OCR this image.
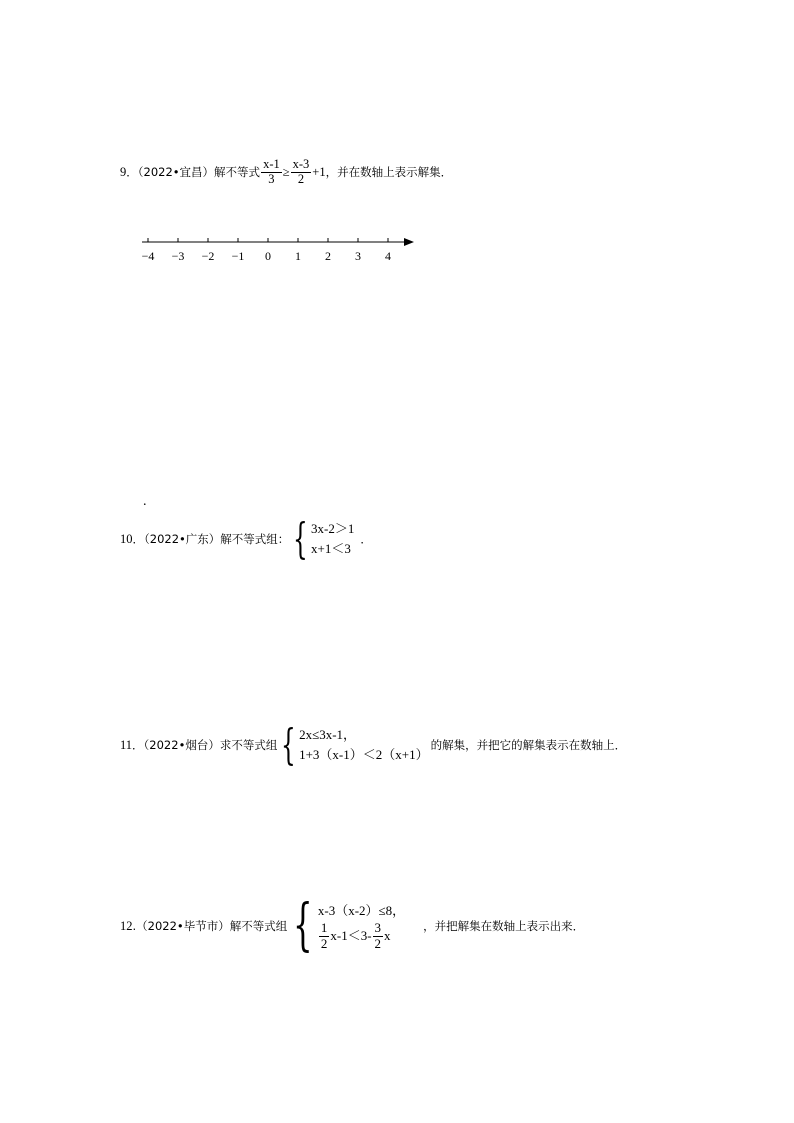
9 ．（2022•宜昌）解不等式 $\frac{x-1}{3} \ge \frac{x-3}{2} +1$ ，并在数轴上表示解集．
−4 −3 −2 −1 0 1 2 3 4
.
10 ．（2022•广东）解不等式组： { 3x-2＞1
x+1＜3
．
11 ．（2022•烟台）求不等式组 { 2x≤3x-1，
1+3（x-1）＜2（x+1）
的解集，并把它的解集表示在数轴上．
12 .（2022•毕节市）解不等式组 { x-3（x-2）≤8，
$\frac{1}{2} x-1<3- \frac{3}{2}$ x
，并把解集在数轴上表示出来．
